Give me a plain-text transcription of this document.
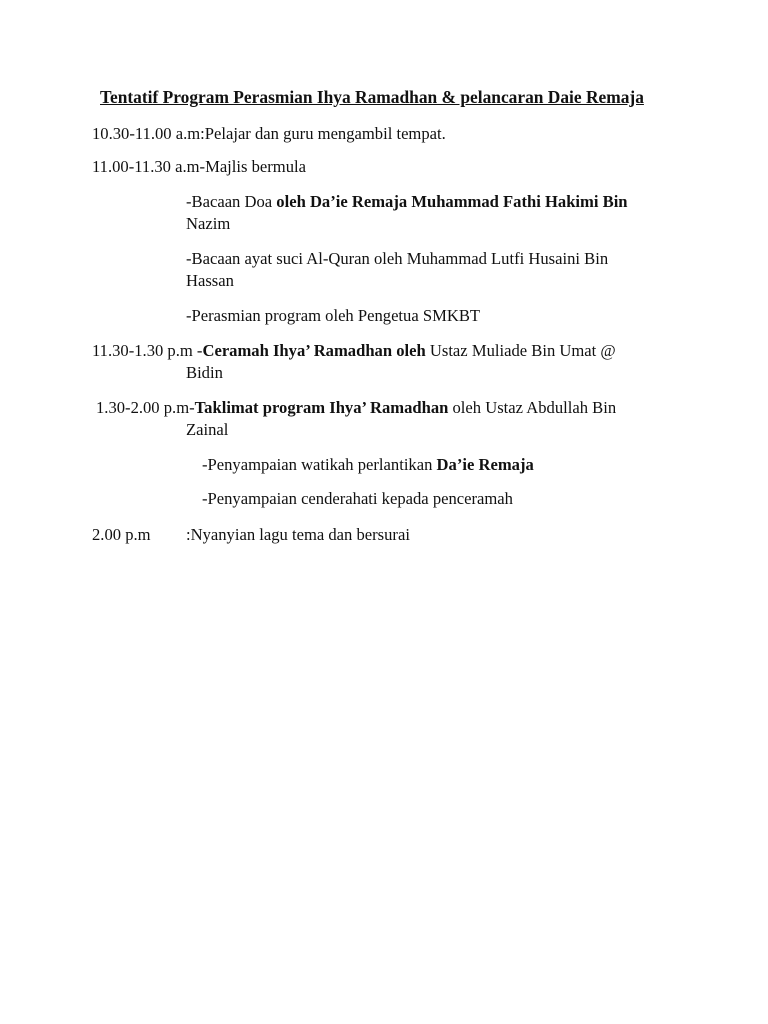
Tentatif Program Perasmian Ihya Ramadhan & pelancaran Daie Remaja
10.30-11.00 a.m:Pelajar dan guru mengambil tempat.
11.00-11.30 a.m-Majlis bermula
-Bacaan Doa oleh Da’ie Remaja Muhammad Fathi Hakimi Bin
Nazim
-Bacaan ayat suci Al-Quran oleh Muhammad Lutfi Husaini Bin
Hassan
-Perasmian program oleh Pengetua SMKBT
11.30-1.30 p.m -Ceramah Ihya’ Ramadhan oleh Ustaz Muliade Bin Umat @
Bidin
1.30-2.00 p.m-Taklimat program Ihya’ Ramadhan oleh Ustaz Abdullah Bin
Zainal
-Penyampaian watikah perlantikan Da’ie Remaja
-Penyampaian cenderahati kepada penceramah
2.00 p.m :Nyanyian lagu tema dan bersurai
